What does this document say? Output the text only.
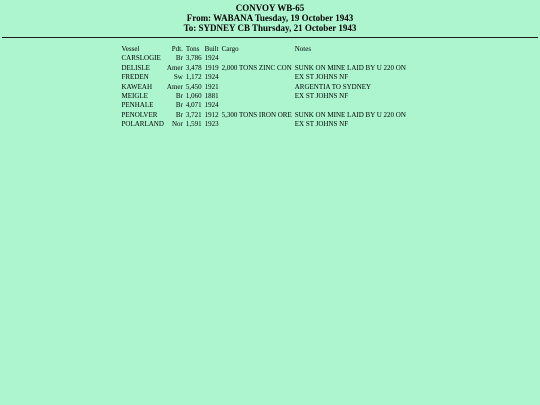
CONVOY WB-65
From: WABANA Tuesday, 19 October 1943
To: SYDNEY CB Thursday, 21 October 1943
Vessel	Pdt.	Tons	Built	Cargo	Notes
CARSLOGIE	Br	3,786	1924		
DELISLE	Amer	3,478	1919	2,000 TONS ZINC CON	SUNK ON MINE LAID BY U 220 ON
FREDEN	Sw	1,172	1924		EX ST JOHNS NF
KAWEAH	Amer	5,450	1921		ARGENTIA TO SYDNEY
MEIGLE	Br	1,060	1881		EX ST JOHNS NF
PENHALE	Br	4,071	1924		
PENOLVER	Br	3,721	1912	5,300 TONS IRON ORE	SUNK ON MINE LAID BY U 220 ON
POLARLAND	Nor	1,591	1923		EX ST JOHNS NF
